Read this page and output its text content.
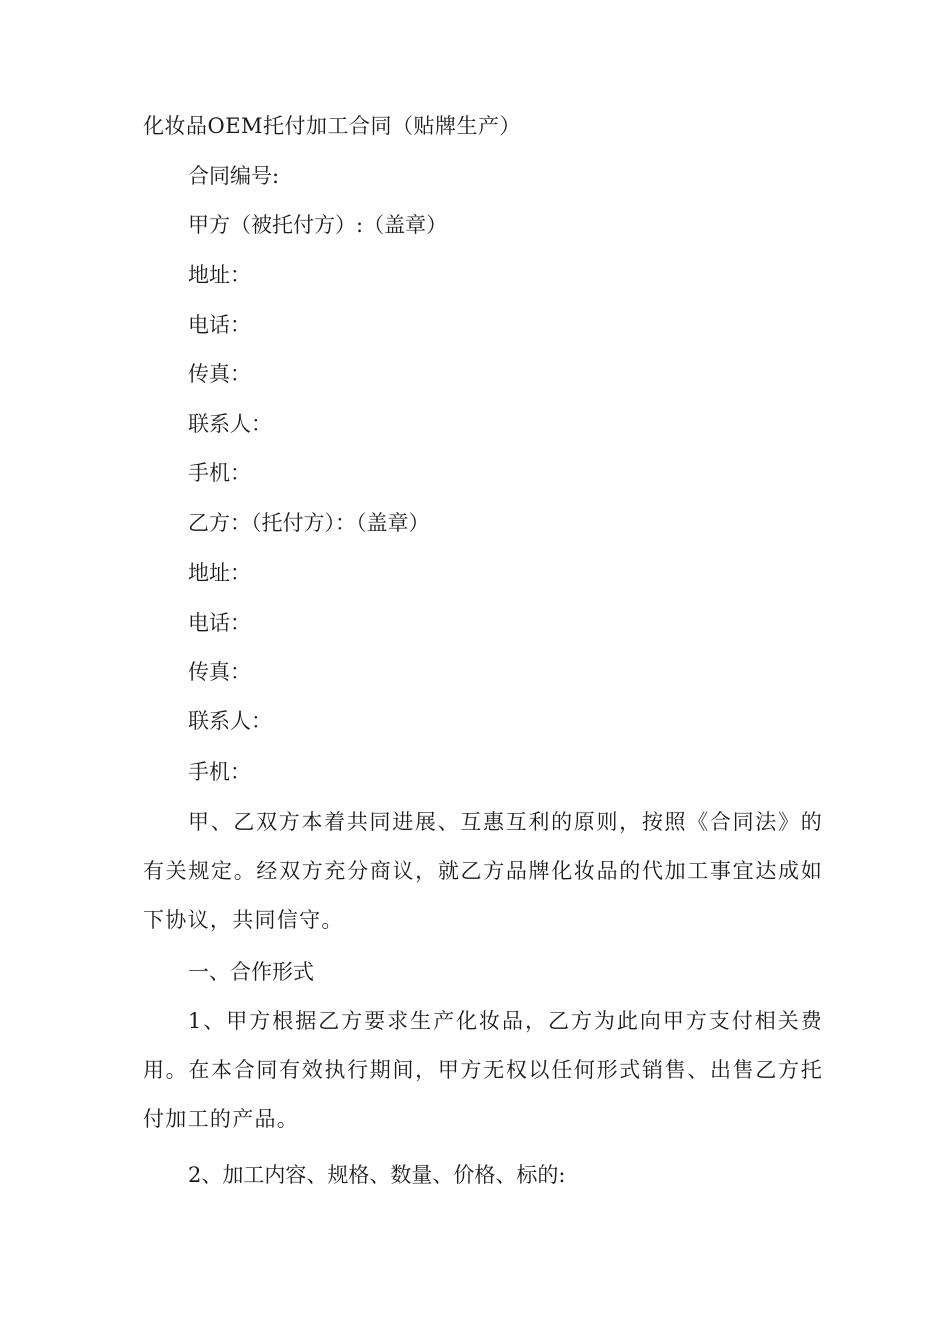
化妆品OEM托付加工合同（贴牌生产）

合同编号:

甲方（被托付方）:（盖章）

地址：

电话：

传真：

联系人：

手机：

乙方：（托付方）：（盖章）

地址：

电话：

传真：

联系人：

手机：

甲、乙双方本着共同进展、互惠互利的原则，按照《合同法》的有关规定。经双方充分商议，就乙方品牌化妆品的代加工事宜达成如下协议，共同信守。

一、合作形式

1、甲方根据乙方要求生产化妆品，乙方为此向甲方支付相关费用。在本合同有效执行期间，甲方无权以任何形式销售、出售乙方托付加工的产品。

2、加工内容、规格、数量、价格、标的:
